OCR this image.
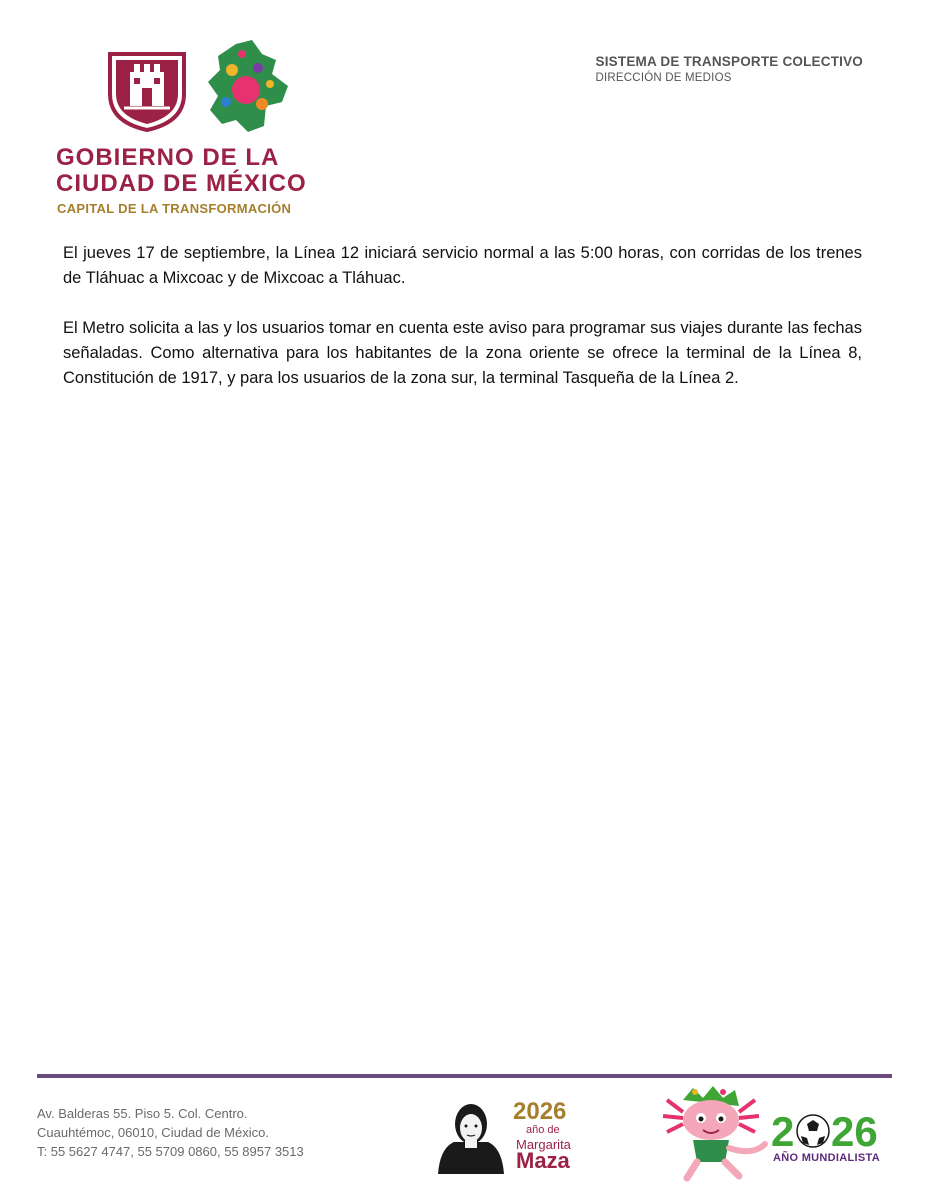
GOBIERNO DE LA
CIUDAD DE MÉXICO
CAPITAL DE LA TRANSFORMACIÓN
SISTEMA DE TRANSPORTE COLECTIVO
DIRECCIÓN DE MEDIOS

El jueves 17 de septiembre, la Línea 12 iniciará servicio normal a las 5:00 horas, con corridas de los trenes de Tláhuac a Mixcoac y de Mixcoac a Tláhuac.

El Metro solicita a las y los usuarios tomar en cuenta este aviso para programar sus viajes durante las fechas señaladas. Como alternativa para los habitantes de la zona oriente se ofrece la terminal de la Línea 8, Constitución de 1917, y para los usuarios de la zona sur, la terminal Tasqueña de la Línea 2.

Av. Balderas 55. Piso 5. Col. Centro.
Cuauhtémoc, 06010, Ciudad de México.
T: 55 5627 4747, 55 5709 0860, 55 8957 3513
2026
año de
Margarita
Maza
2 26
AÑO MUNDIALISTA
